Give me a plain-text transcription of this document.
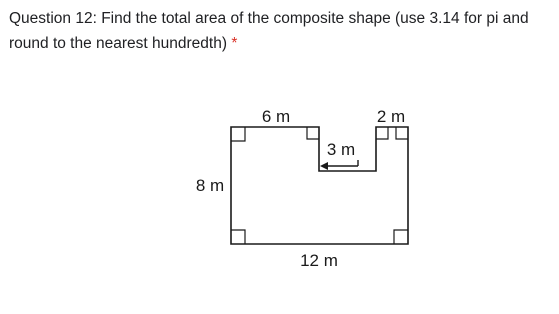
Question 12: Find the total area of the composite shape (use 3.14 for pi and round to the nearest hundredth) *

6 m	2 m
3 m
8 m
12 m
